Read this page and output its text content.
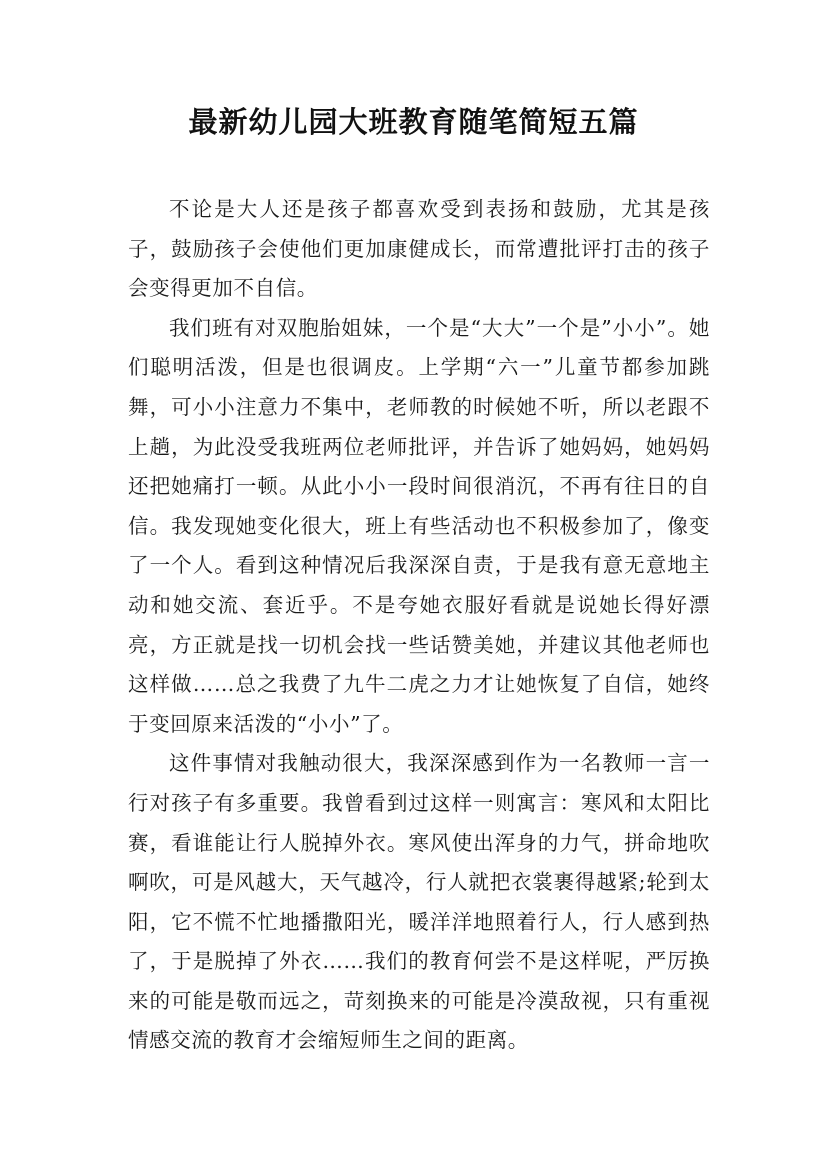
最新幼儿园大班教育随笔简短五篇

不论是大人还是孩子都喜欢受到表扬和鼓励，尤其是孩子，鼓励孩子会使他们更加康健成长，而常遭批评打击的孩子会变得更加不自信。

我们班有对双胞胎姐妹，一个是“大大”一个是”小小”。她们聪明活泼，但是也很调皮。上学期“六一”儿童节都参加跳舞，可小小注意力不集中，老师教的时候她不听，所以老跟不上趟，为此没受我班两位老师批评，并告诉了她妈妈，她妈妈还把她痛打一顿。从此小小一段时间很消沉，不再有往日的自信。我发现她变化很大，班上有些活动也不积极参加了，像变了一个人。看到这种情况后我深深自责，于是我有意无意地主动和她交流、套近乎。不是夸她衣服好看就是说她长得好漂亮，方正就是找一切机会找一些话赞美她，并建议其他老师也这样做……总之我费了九牛二虎之力才让她恢复了自信，她终于变回原来活泼的“小小”了。

这件事情对我触动很大，我深深感到作为一名教师一言一行对孩子有多重要。我曾看到过这样一则寓言：寒风和太阳比赛，看谁能让行人脱掉外衣。寒风使出浑身的力气，拼命地吹啊吹，可是风越大，天气越冷，行人就把衣裳裹得越紧;轮到太阳，它不慌不忙地播撒阳光，暖洋洋地照着行人，行人感到热了，于是脱掉了外衣……我们的教育何尝不是这样呢，严厉换来的可能是敬而远之，苛刻换来的可能是冷漠敌视，只有重视情感交流的教育才会缩短师生之间的距离。
